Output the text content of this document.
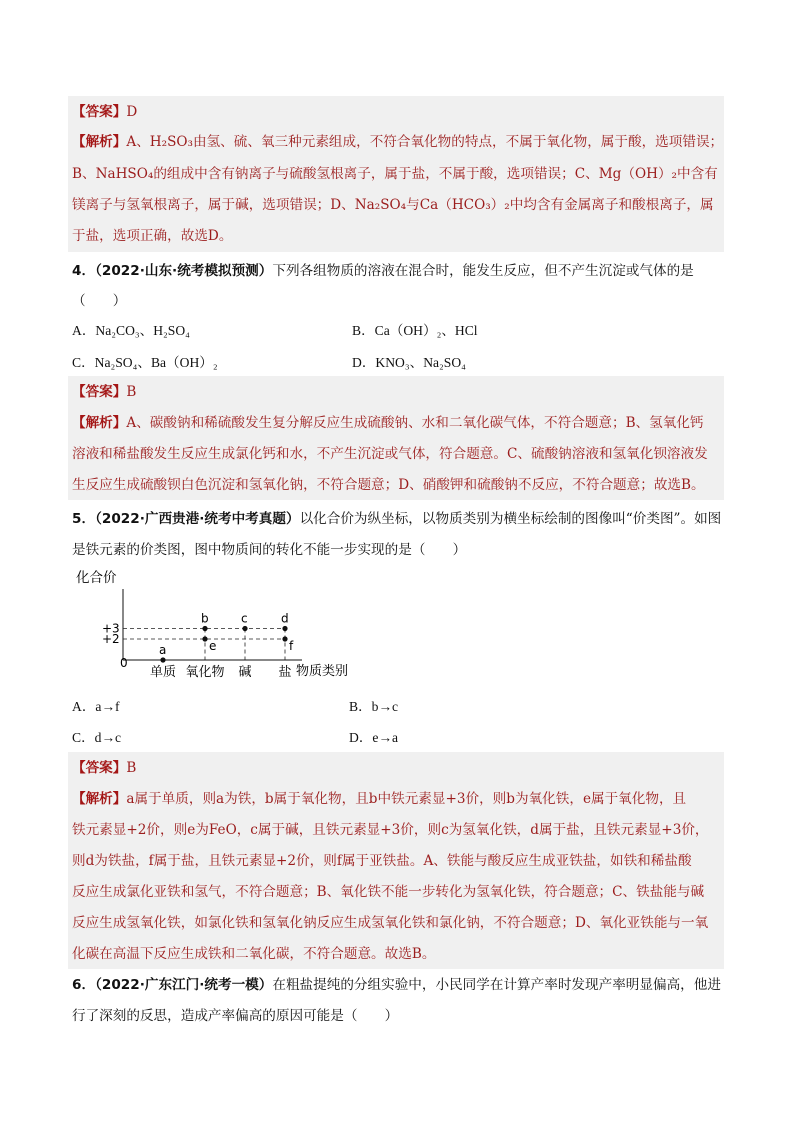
【答案】D
【解析】A、H₂SO₃由氢、硫、氧三种元素组成，不符合氧化物的特点，不属于氧化物，属于酸，选项错误；
B、NaHSO₄的组成中含有钠离子与硫酸氢根离子，属于盐，不属于酸，选项错误；C、Mg（OH）₂中含有
镁离子与氢氧根离子，属于碱，选项错误；D、Na₂SO₄与Ca（HCO₃）₂中均含有金属离子和酸根离子，属
于盐，选项正确，故选D。
4．（2022·山东·统考模拟预测）下列各组物质的溶液在混合时，能发生反应，但不产生沉淀或气体的是
（　　）
A．Na₂CO₃、H₂SO₄	B．Ca（OH）₂、HCl
C．Na₂SO₄、Ba（OH）₂	D．KNO₃、Na₂SO₄
【答案】B
【解析】A、碳酸钠和稀硫酸发生复分解反应生成硫酸钠、水和二氧化碳气体，不符合题意；B、氢氧化钙
溶液和稀盐酸发生反应生成氯化钙和水，不产生沉淀或气体，符合题意。C、硫酸钠溶液和氢氧化钡溶液发
生反应生成硫酸钡白色沉淀和氢氧化钠，不符合题意；D、硝酸钾和硫酸钠不反应，不符合题意；故选B。
5．（2022·广西贵港·统考中考真题）以化合价为纵坐标，以物质类别为横坐标绘制的图像叫“价类图”。如图
是铁元素的价类图，图中物质间的转化不能一步实现的是（　　）
化合价
+3
+2
单质 氧化物 碱 盐
a
b	c	d
e	f
0
物质类别
A．a→f	B．b→c
C．d→c	D．e→a
【答案】B
【解析】a属于单质，则a为铁，b属于氧化物，且b中铁元素显+3价，则b为氧化铁，e属于氧化物，且
铁元素显+2价，则e为FeO，c属于碱，且铁元素显+3价，则c为氢氧化铁，d属于盐，且铁元素显+3价，
则d为铁盐，f属于盐，且铁元素显+2价，则f属于亚铁盐。A、铁能与酸反应生成亚铁盐，如铁和稀盐酸
反应生成氯化亚铁和氢气，不符合题意；B、氧化铁不能一步转化为氢氧化铁，符合题意；C、铁盐能与碱
反应生成氢氧化铁，如氯化铁和氢氧化钠反应生成氢氧化铁和氯化钠，不符合题意；D、氧化亚铁能与一氧
化碳在高温下反应生成铁和二氧化碳，不符合题意。故选B。
6．（2022·广东江门·统考一模）在粗盐提纯的分组实验中，小民同学在计算产率时发现产率明显偏高，他进
行了深刻的反思，造成产率偏高的原因可能是（　　）
